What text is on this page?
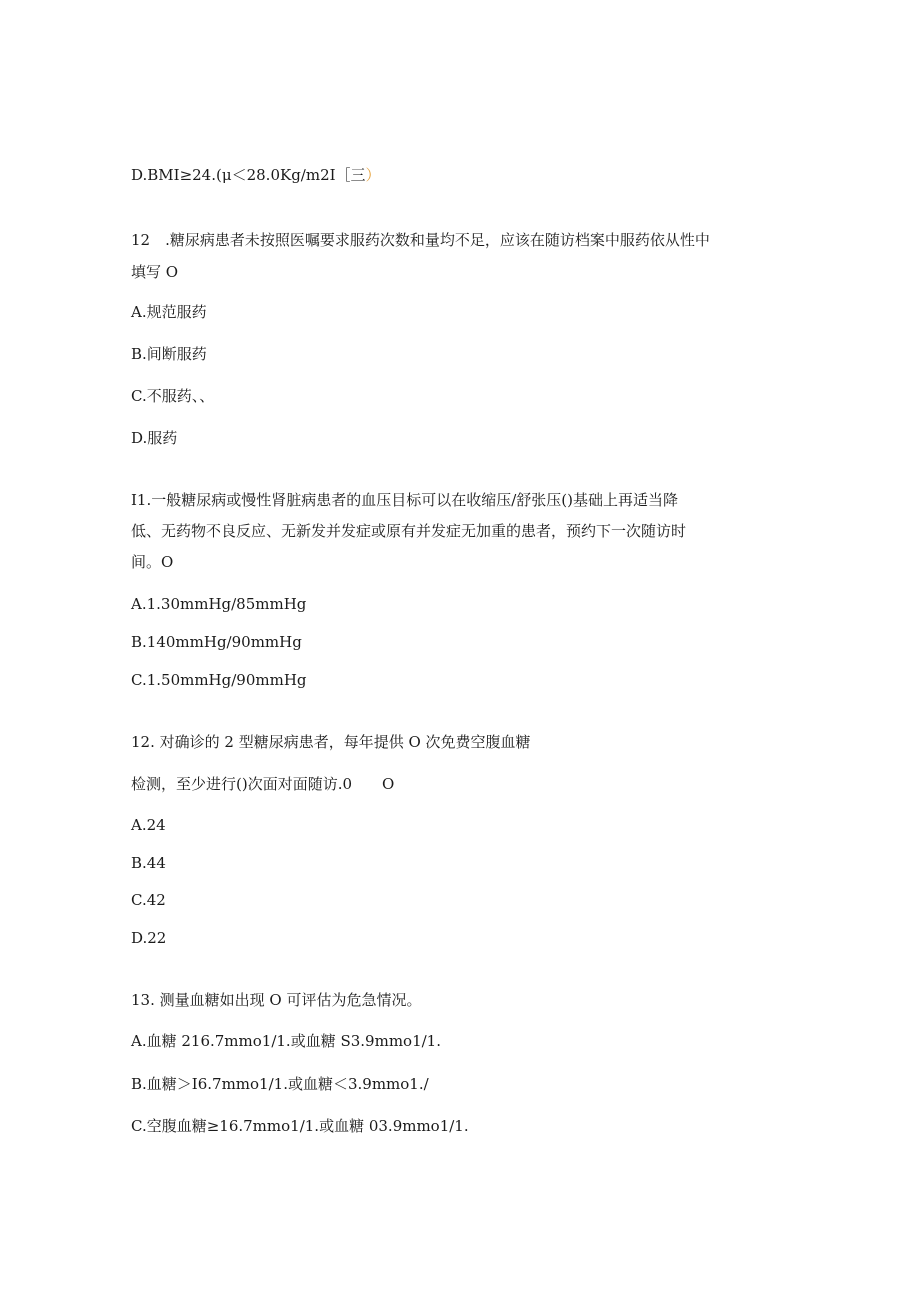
D.BMI≥24.(μ＜28.0Kg∕m2I［三）
12　.糖尿病患者未按照医嘱要求服药次数和量均不足，应该在随访档案中服药依从性中
填写 O
A.规范服药
B.间断服药
C.不服药、、
D.服药
I1.一般糖尿病或慢性肾脏病患者的血压目标可以在收缩压/舒张压()基础上再适当降
低、无药物不良反应、无新发并发症或原有并发症无加重的患者，预约下一次随访时
间。O
A.1.30mmHg∕85mmHg
B.140mmHg∕90mmHg
C.1.50mmHg∕90mmHg
12. 对确诊的 2 型糖尿病患者，每年提供 O 次免费空腹血糖
检测，至少进行()次面对面随访.0　　O
A.24
B.44
C.42
D.22
13. 测量血糖如出现 O 可评估为危急情况。
A.血糖 216.7mmo1∕1.或血糖 S3.9mmo1∕1.
B.血糖＞I6.7mmo1∕1.或血糖＜3.9mmo1./
C.空腹血糖≥16.7mmo1∕1.或血糖 03.9mmo1∕1.
